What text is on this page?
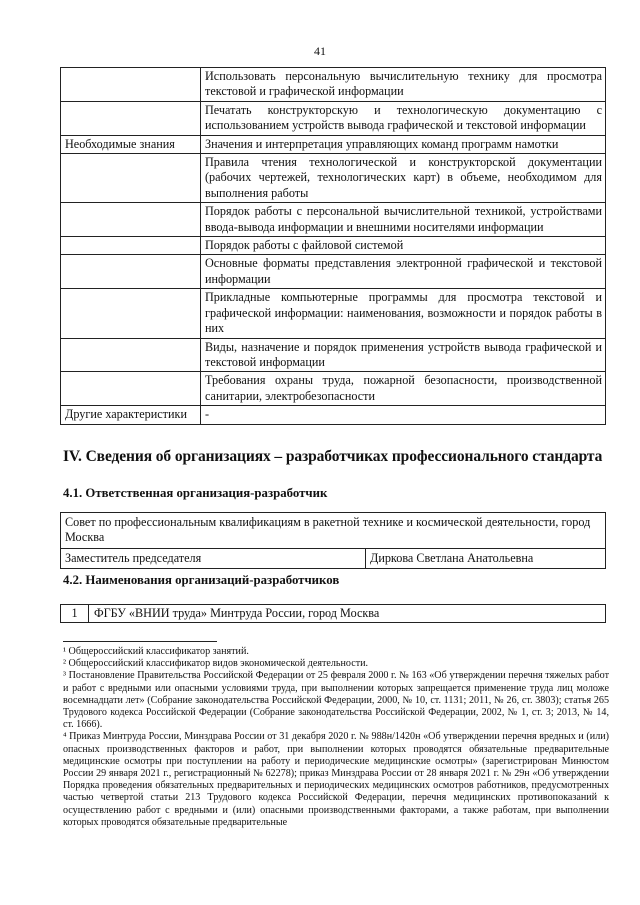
41
	Использовать персональную вычислительную технику для просмотра текстовой и графической информации
	Печатать конструкторскую и технологическую документацию с использованием устройств вывода графической и текстовой информации
Необходимые знания	Значения и интерпретация управляющих команд программ намотки
	Правила чтения технологической и конструкторской документации (рабочих чертежей, технологических карт) в объеме, необходимом для выполнения работы
	Порядок работы с персональной вычислительной техникой, устройствами ввода-вывода информации и внешними носителями информации
	Порядок работы с файловой системой
	Основные форматы представления электронной графической и текстовой информации
	Прикладные компьютерные программы для просмотра текстовой и графической информации: наименования, возможности и порядок работы в них
	Виды, назначение и порядок применения устройств вывода графической и текстовой информации
	Требования охраны труда, пожарной безопасности, производственной санитарии, электробезопасности
Другие характеристики	-
IV. Сведения об организациях – разработчиках профессионального стандарта
4.1. Ответственная организация-разработчик
Совет по профессиональным квалификациям в ракетной технике и космической деятельности, город Москва
Заместитель председателя	Диркова Светлана Анатольевна
4.2. Наименования организаций-разработчиков
1	ФГБУ «ВНИИ труда» Минтруда России, город Москва

¹ Общероссийский классификатор занятий.

² Общероссийский классификатор видов экономической деятельности.

³ Постановление Правительства Российской Федерации от 25 февраля 2000 г. № 163 «Об утверждении перечня тяжелых работ и работ с вредными или опасными условиями труда, при выполнении которых запрещается применение труда лиц моложе восемнадцати лет» (Собрание законодательства Российской Федерации, 2000, № 10, ст. 1131; 2011, № 26, ст. 3803); статья 265 Трудового кодекса Российской Федерации (Собрание законодательства Российской Федерации, 2002, № 1, ст. 3; 2013, № 14, ст. 1666).

⁴ Приказ Минтруда России, Минздрава России от 31 декабря 2020 г. № 988н/1420н «Об утверждении перечня вредных и (или) опасных производственных факторов и работ, при выполнении которых проводятся обязательные предварительные медицинские осмотры при поступлении на работу и периодические медицинские осмотры» (зарегистрирован Минюстом России 29 января 2021 г., регистрационный № 62278); приказ Минздрава России от 28 января 2021 г. № 29н «Об утверждении Порядка проведения обязательных предварительных и периодических медицинских осмотров работников, предусмотренных частью четвертой статьи 213 Трудового кодекса Российской Федерации, перечня медицинских противопоказаний к осуществлению работ с вредными и (или) опасными производственными факторами, а также работам, при выполнении которых проводятся обязательные предварительные
